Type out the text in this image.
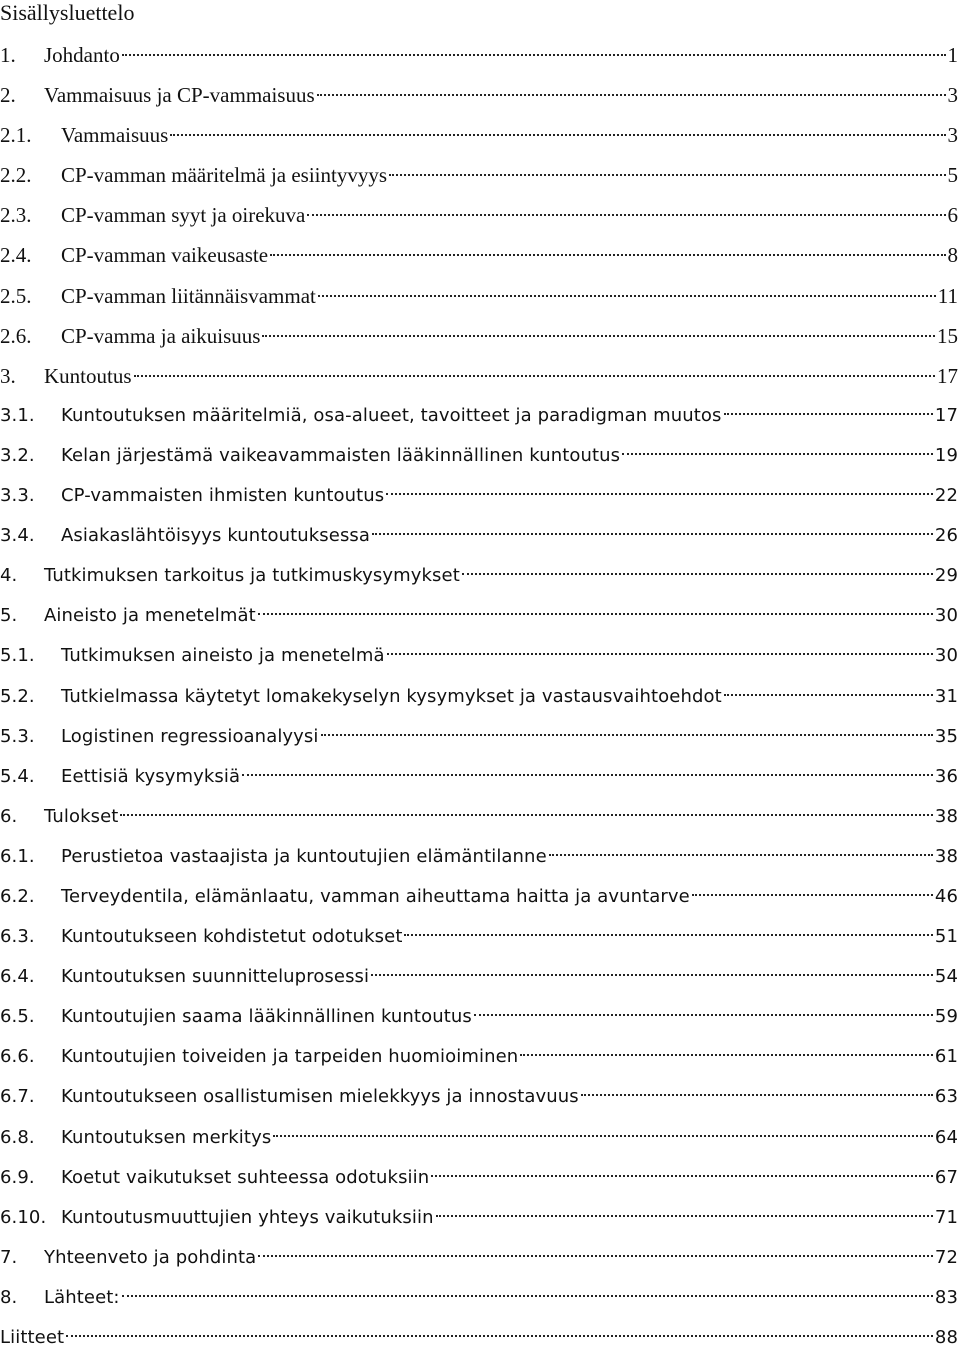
Sisällysluettelo
1.	Johdanto	1
2.	Vammaisuus ja CP-vammaisuus	3
2.1.	Vammaisuus	3
2.2.	CP-vamman määritelmä ja esiintyvyys	5
2.3.	CP-vamman syyt ja oirekuva	6
2.4.	CP-vamman vaikeusaste	8
2.5.	CP-vamman liitännäisvammat	11
2.6.	CP-vamma ja aikuisuus	15
3.	Kuntoutus	17
3.1.	Kuntoutuksen määritelmiä, osa-alueet, tavoitteet ja paradigman muutos	17
3.2.	Kelan järjestämä vaikeavammaisten lääkinnällinen kuntoutus	19
3.3.	CP-vammaisten ihmisten kuntoutus	22
3.4.	Asiakaslähtöisyys kuntoutuksessa	26
4.	Tutkimuksen tarkoitus ja tutkimuskysymykset	29
5.	Aineisto ja menetelmät	30
5.1.	Tutkimuksen aineisto ja menetelmä	30
5.2.	Tutkielmassa käytetyt lomakekyselyn kysymykset ja vastausvaihtoehdot	31
5.3.	Logistinen regressioanalyysi	35
5.4.	Eettisiä kysymyksiä	36
6.	Tulokset	38
6.1.	Perustietoa vastaajista ja kuntoutujien elämäntilanne	38
6.2.	Terveydentila, elämänlaatu, vamman aiheuttama haitta ja avuntarve	46
6.3.	Kuntoutukseen kohdistetut odotukset	51
6.4.	Kuntoutuksen suunnitteluprosessi	54
6.5.	Kuntoutujien saama lääkinnällinen kuntoutus	59
6.6.	Kuntoutujien toiveiden ja tarpeiden huomioiminen	61
6.7.	Kuntoutukseen osallistumisen mielekkyys ja innostavuus	63
6.8.	Kuntoutuksen merkitys	64
6.9.	Koetut vaikutukset suhteessa odotuksiin	67
6.10. Kuntoutusmuuttujien yhteys vaikutuksiin	71
7.	Yhteenveto ja pohdinta	72
8.	Lähteet:	83
Liitteet	88
